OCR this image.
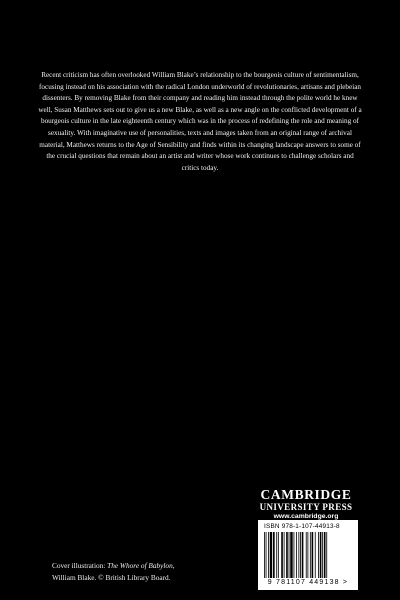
Recent criticism has often overlooked William Blake’s relationship to the bourgeois culture of sentimentalism, focusing instead on his association with the radical London underworld of revolutionaries, artisans and plebeian dissenters. By removing Blake from their company and reading him instead through the polite world he knew well, Susan Matthews sets out to give us a new Blake, as well as a new angle on the conflicted development of a bourgeois culture in the late eighteenth century which was in the process of redefining the role and meaning of sexuality. With imaginative use of personalities, texts and images taken from an original range of archival material, Matthews returns to the Age of Sensibility and finds within its changing landscape answers to some of the crucial questions that remain about an artist and writer whose work continues to challenge scholars and critics today.

Cover illustration: The Whore of Babylon,
William Blake. © British Library Board.
CAMBRIDGE
UNIVERSITY PRESS
www.cambridge.org
ISBN 978-1-107-44913-8
9 781107 449138 >
